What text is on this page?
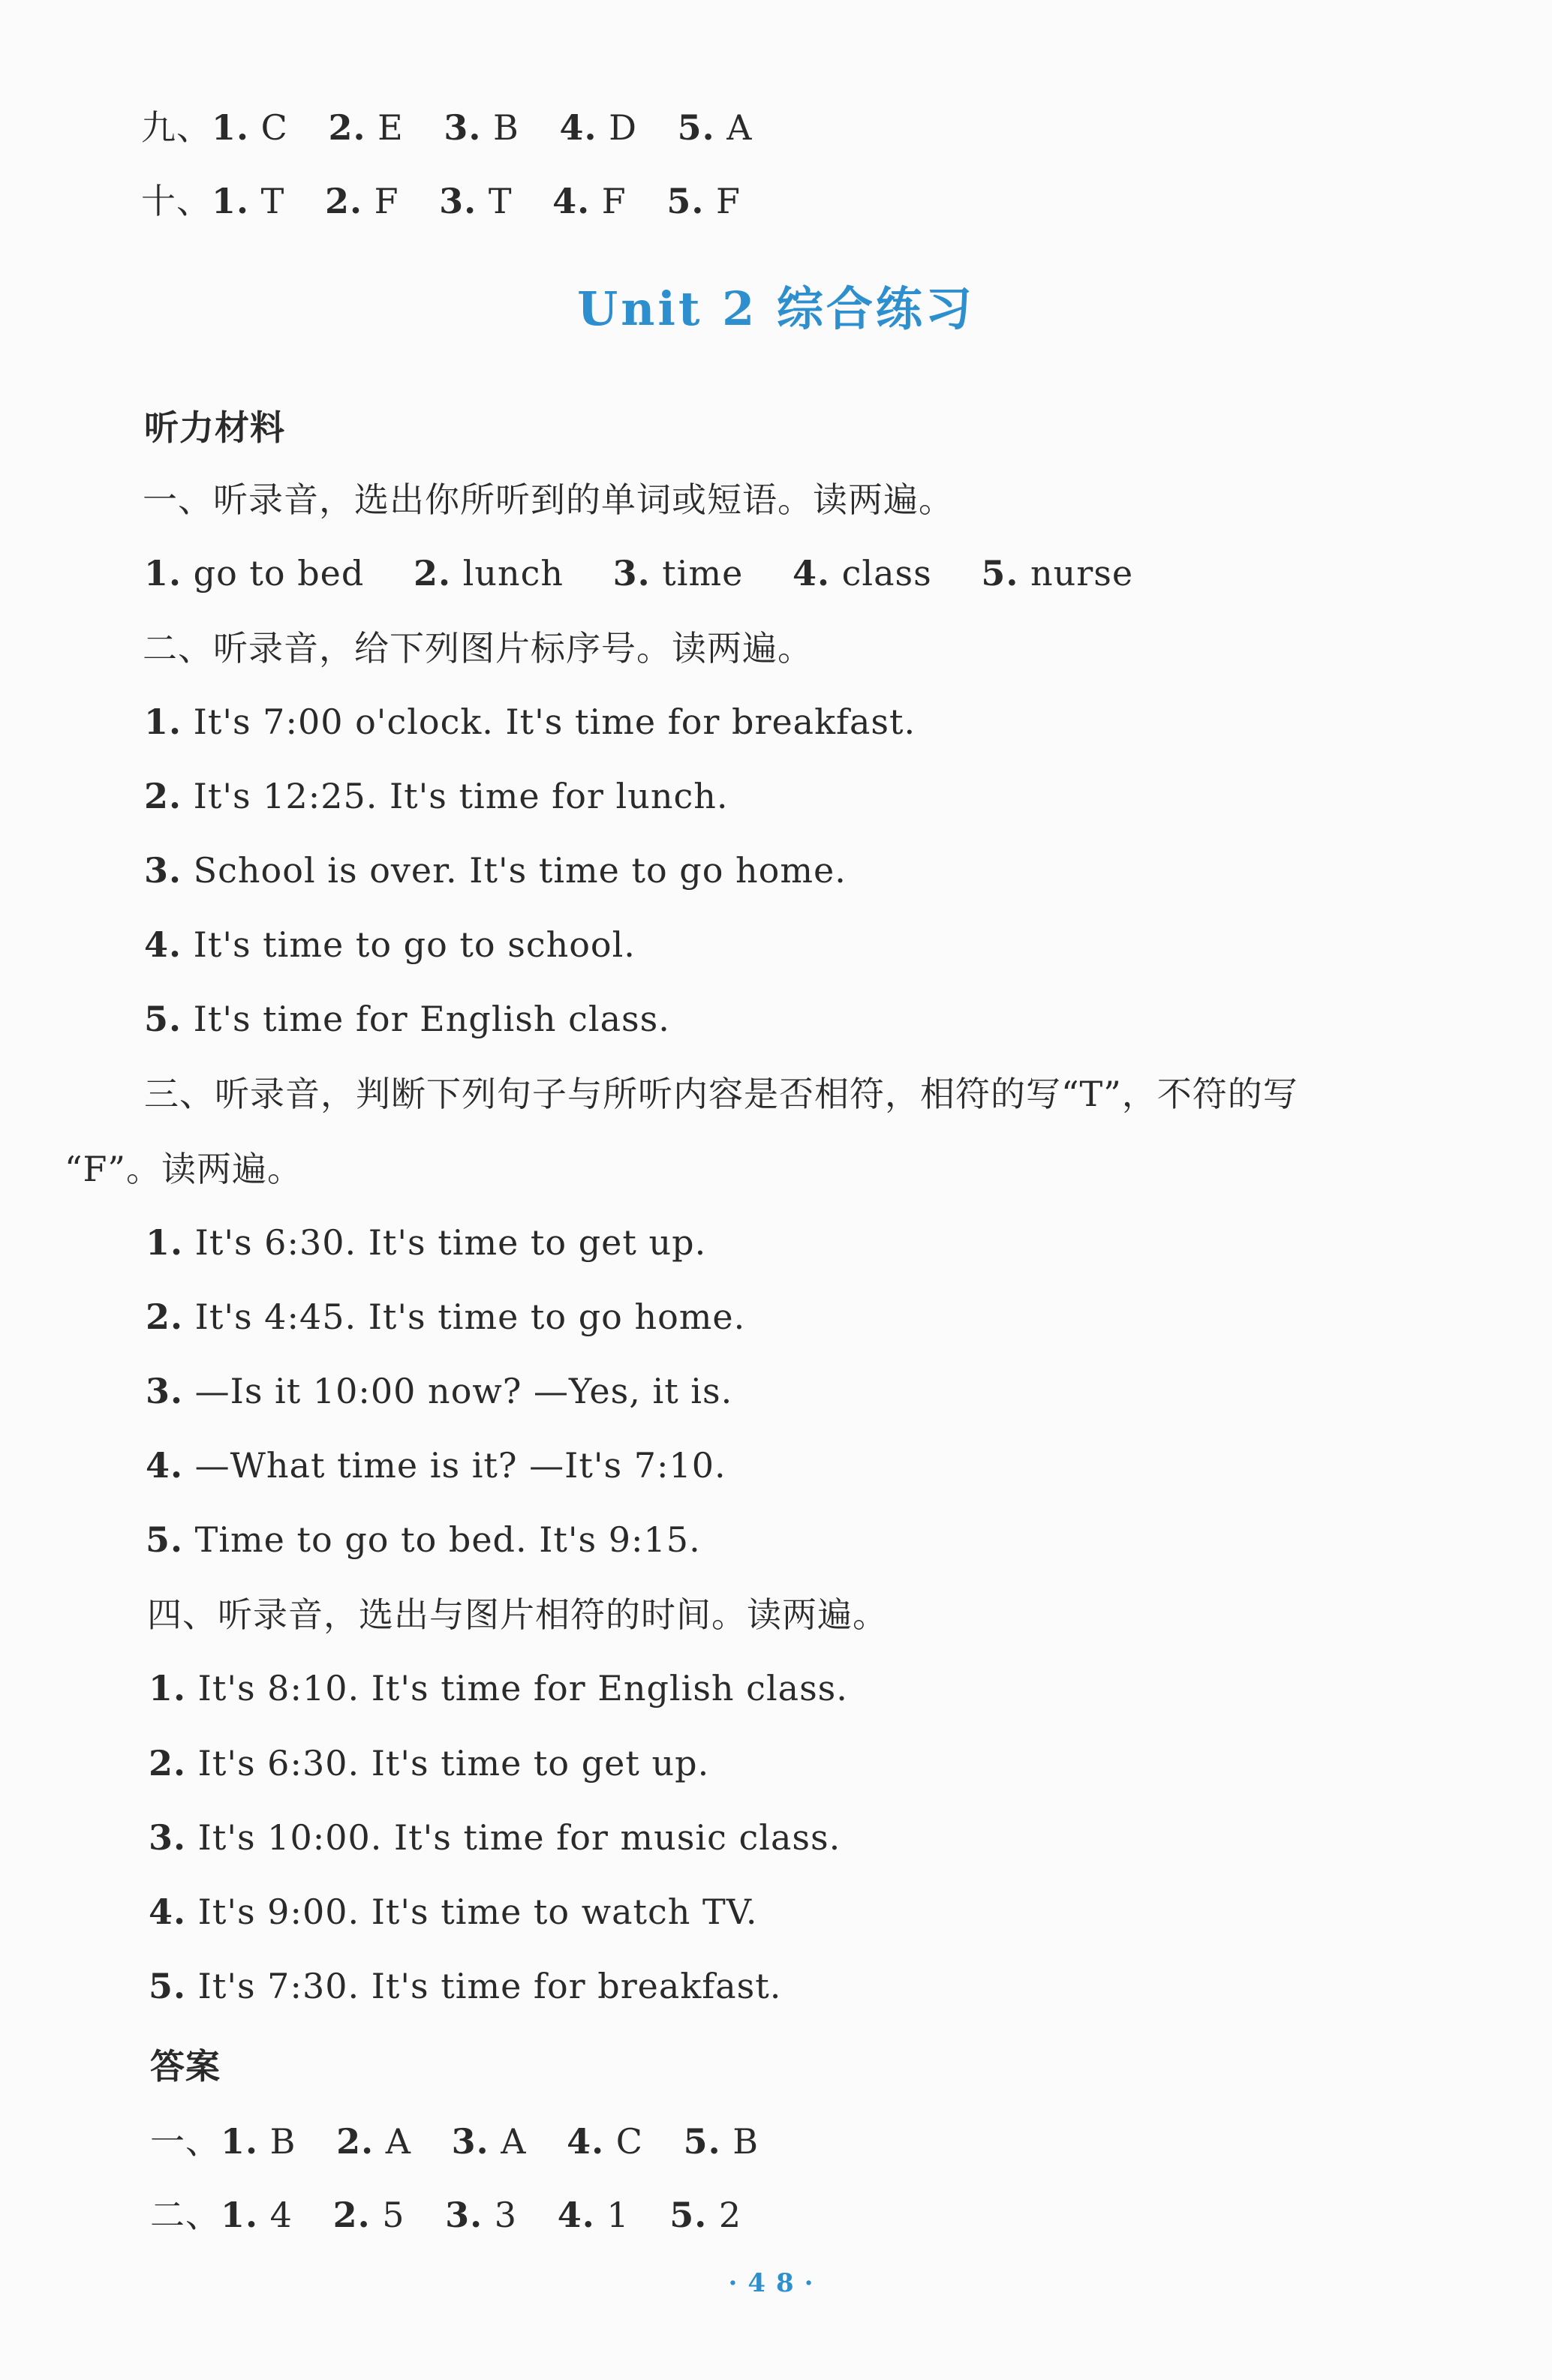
九、1. C 2. E 3. B 4. D 5. A
十、1. T 2. F 3. T 4. F 5. F
Unit 2 综合练习
听力材料
一、听录音，选出你所听到的单词或短语。读两遍。
1. go to bed 2. lunch 3. time 4. class 5. nurse
二、听录音，给下列图片标序号。读两遍。
1. It's 7:00 o'clock. It's time for breakfast.
2. It's 12:25. It's time for lunch.
3. School is over. It's time to go home.
4. It's time to go to school.
5. It's time for English class.
三、听录音，判断下列句子与所听内容是否相符，相符的写“T”，不符的写
“F”。读两遍。
1. It's 6:30. It's time to get up.
2. It's 4:45. It's time to go home.
3. —Is it 10:00 now? —Yes, it is.
4. —What time is it? —It's 7:10.
5. Time to go to bed. It's 9:15.
四、听录音，选出与图片相符的时间。读两遍。
1. It's 8:10. It's time for English class.
2. It's 6:30. It's time to get up.
3. It's 10:00. It's time for music class.
4. It's 9:00. It's time to watch TV.
5. It's 7:30. It's time for breakfast.
答案
一、1. B 2. A 3. A 4. C 5. B
二、1. 4 2. 5 3. 3 4. 1 5. 2
·48·
